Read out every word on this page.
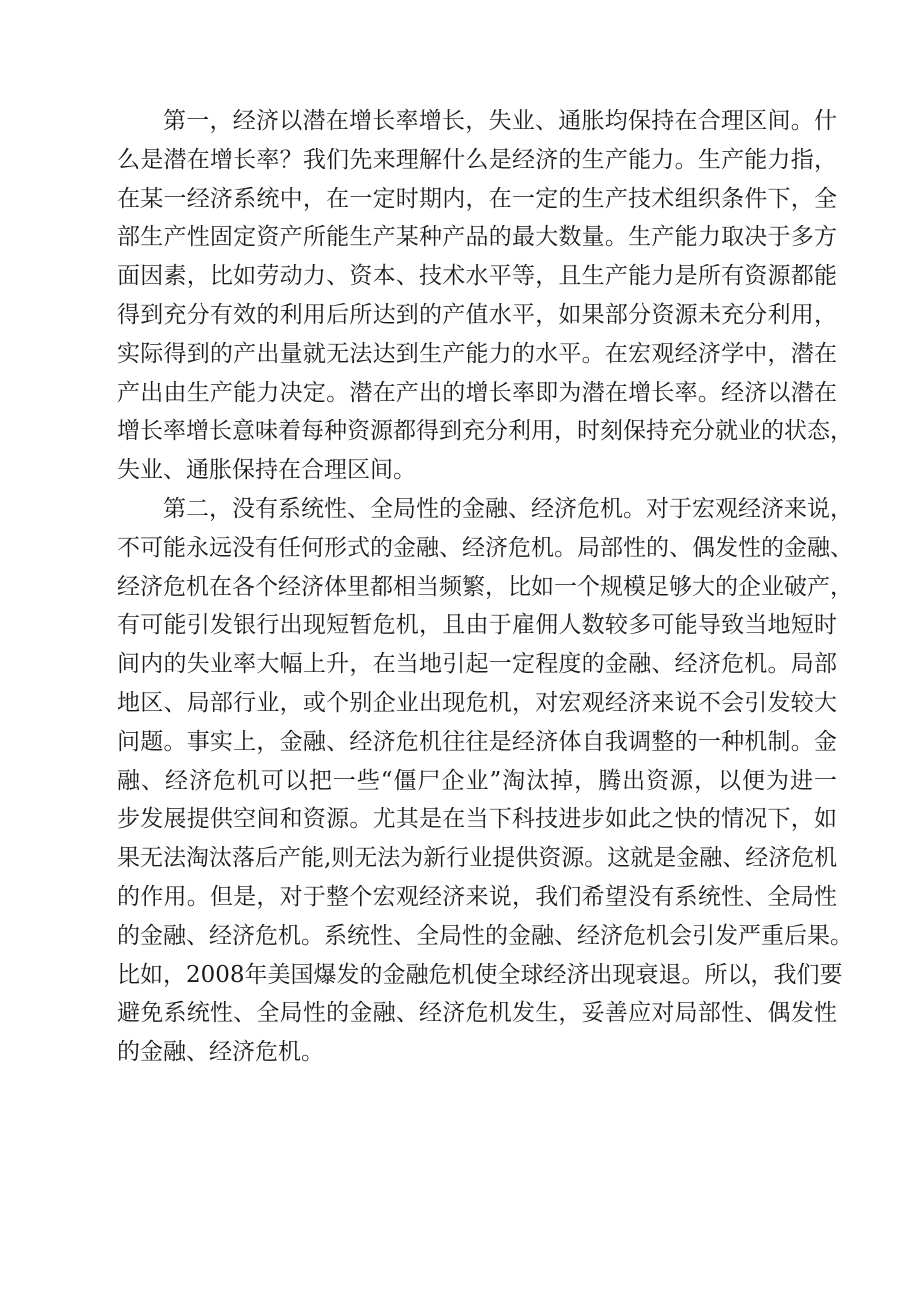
第一，经济以潜在增长率增长，失业、通胀均保持在合理区间。什
么是潜在增长率？我们先来理解什么是经济的生产能力。生产能力指，
在某一经济系统中，在一定时期内，在一定的生产技术组织条件下，全
部生产性固定资产所能生产某种产品的最大数量。生产能力取决于多方
面因素，比如劳动力、资本、技术水平等，且生产能力是所有资源都能
得到充分有效的利用后所达到的产值水平，如果部分资源未充分利用，
实际得到的产出量就无法达到生产能力的水平。在宏观经济学中，潜在
产出由生产能力决定。潜在产出的增长率即为潜在增长率。经济以潜在
增长率增长意味着每种资源都得到充分利用，时刻保持充分就业的状态，
失业、通胀保持在合理区间。
第二，没有系统性、全局性的金融、经济危机。对于宏观经济来说，
不可能永远没有任何形式的金融、经济危机。局部性的、偶发性的金融、
经济危机在各个经济体里都相当频繁，比如一个规模足够大的企业破产，
有可能引发银行出现短暂危机，且由于雇佣人数较多可能导致当地短时
间内的失业率大幅上升，在当地引起一定程度的金融、经济危机。局部
地区、局部行业，或个别企业出现危机，对宏观经济来说不会引发较大
问题。事实上，金融、经济危机往往是经济体自我调整的一种机制。金
融、经济危机可以把一些“僵尸企业”淘汰掉，腾出资源，以便为进一
步发展提供空间和资源。尤其是在当下科技进步如此之快的情况下，如
果无法淘汰落后产能,则无法为新行业提供资源。这就是金融、经济危机
的作用。但是，对于整个宏观经济来说，我们希望没有系统性、全局性
的金融、经济危机。系统性、全局性的金融、经济危机会引发严重后果。
比如，2008年美国爆发的金融危机使全球经济出现衰退。所以，我们要
避免系统性、全局性的金融、经济危机发生，妥善应对局部性、偶发性
的金融、经济危机。
